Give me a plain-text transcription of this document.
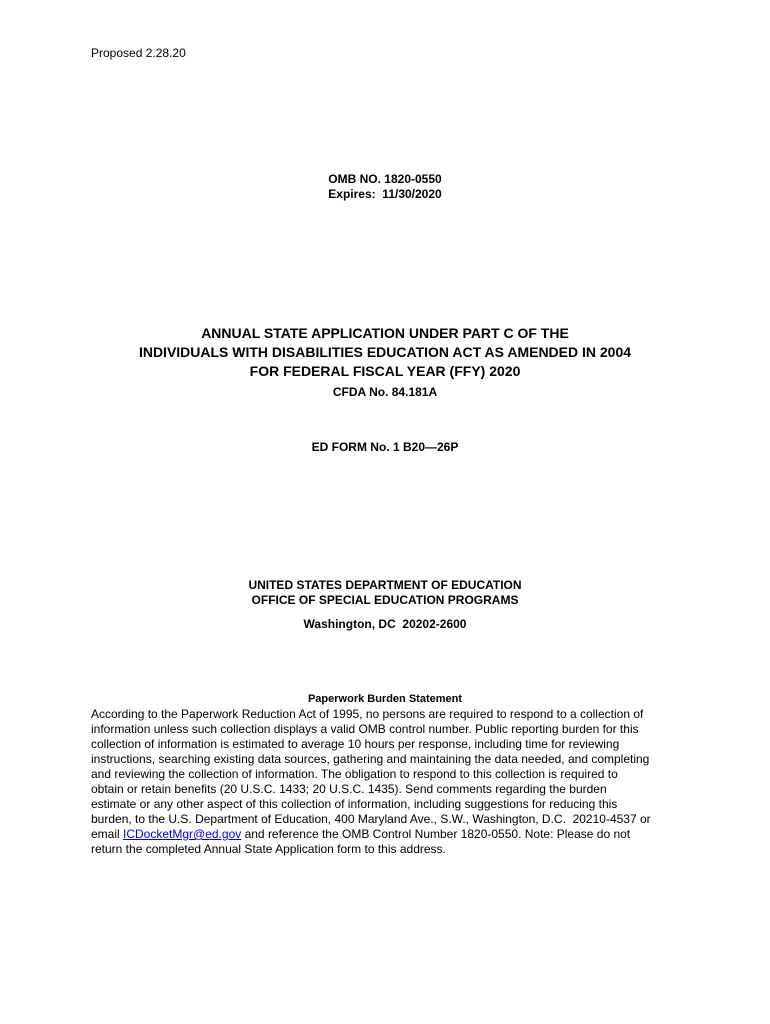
Proposed 2.28.20
OMB NO. 1820-0550
Expires:  11/30/2020
ANNUAL STATE APPLICATION UNDER PART C OF THE
INDIVIDUALS WITH DISABILITIES EDUCATION ACT AS AMENDED IN 2004
FOR FEDERAL FISCAL YEAR (FFY) 2020
CFDA No. 84.181A
ED FORM No. 1 B20—26P
UNITED STATES DEPARTMENT OF EDUCATION
OFFICE OF SPECIAL EDUCATION PROGRAMS
Washington, DC  20202-2600
Paperwork Burden Statement
According to the Paperwork Reduction Act of 1995, no persons are required to respond to a collection of
information unless such collection displays a valid OMB control number. Public reporting burden for this
collection of information is estimated to average 10 hours per response, including time for reviewing
instructions, searching existing data sources, gathering and maintaining the data needed, and completing
and reviewing the collection of information. The obligation to respond to this collection is required to
obtain or retain benefits (20 U.S.C. 1433; 20 U.S.C. 1435). Send comments regarding the burden
estimate or any other aspect of this collection of information, including suggestions for reducing this
burden, to the U.S. Department of Education, 400 Maryland Ave., S.W., Washington, D.C.  20210-4537 or
email ICDocketMgr@ed.gov and reference the OMB Control Number 1820-0550. Note: Please do not
return the completed Annual State Application form to this address.
